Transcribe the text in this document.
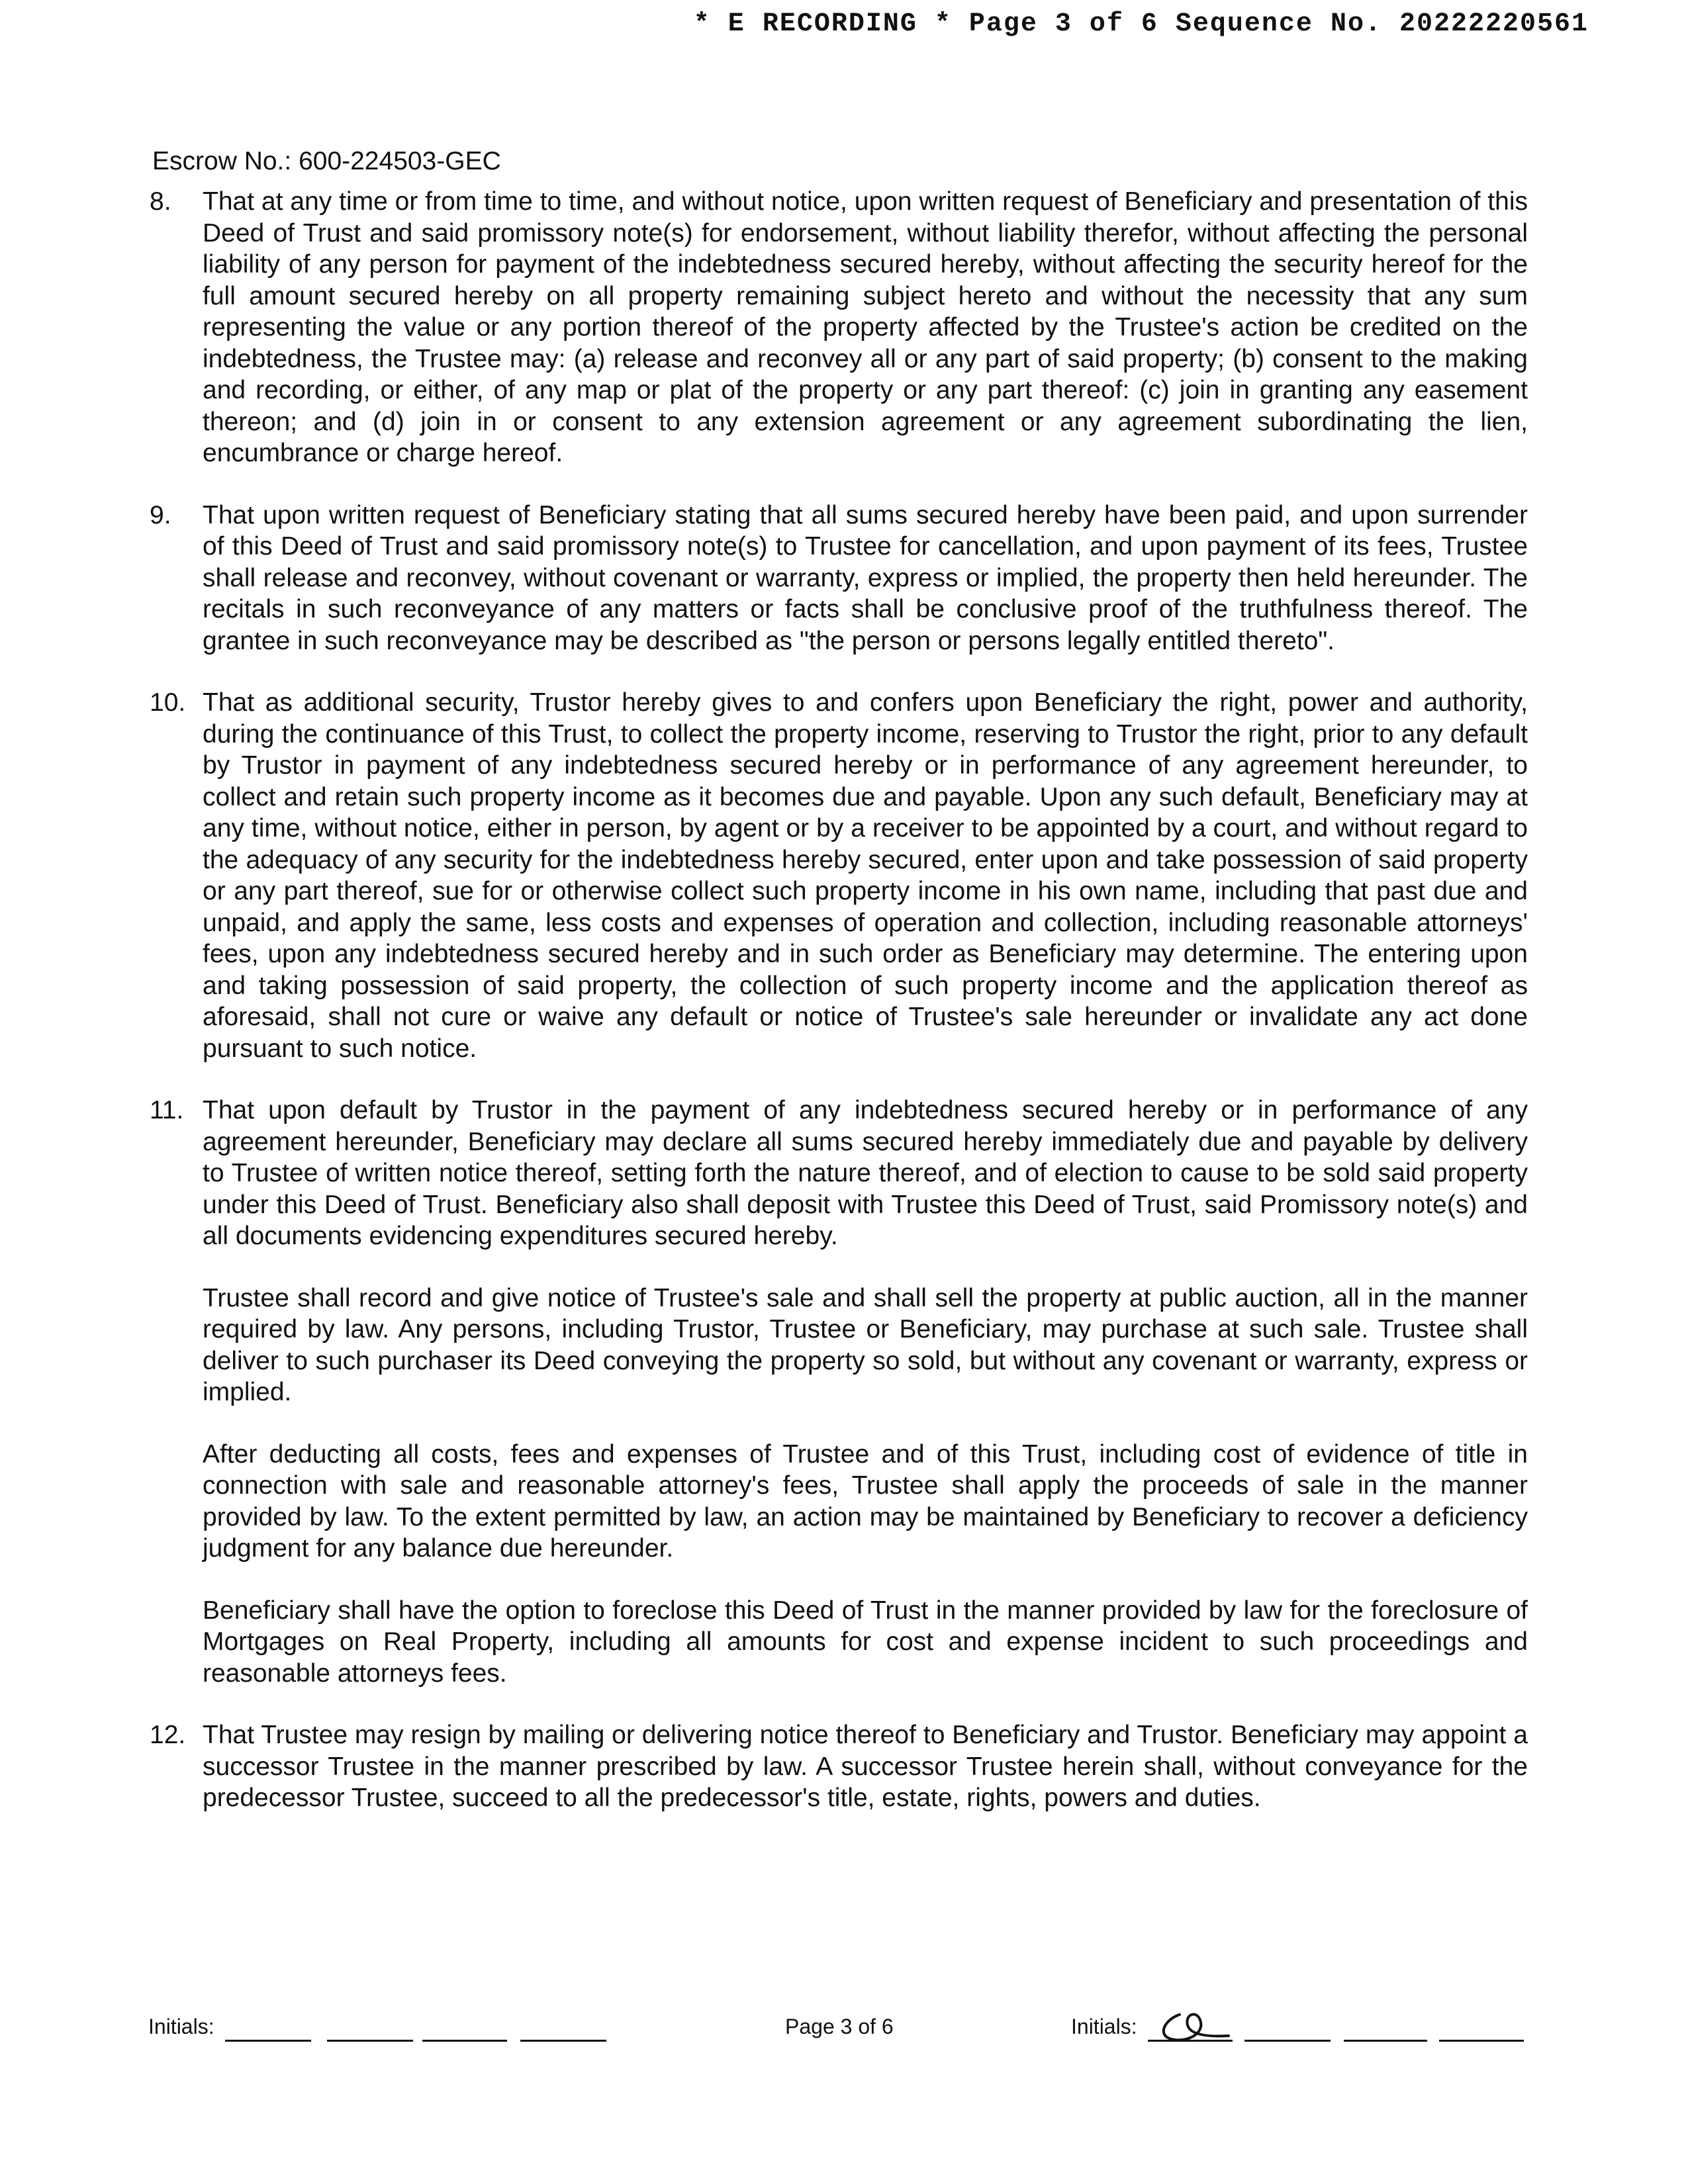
* E RECORDING * Page 3 of 6 Sequence No. 20222220561
Escrow No.: 600-224503-GEC
8.	That at any time or from time to time, and without notice, upon written request of Beneficiary and presentation of this Deed of Trust and said promissory note(s) for endorsement, without liability therefor, without affecting the personal liability of any person for payment of the indebtedness secured hereby, without affecting the security hereof for the full amount secured hereby on all property remaining subject hereto and without the necessity that any sum representing the value or any portion thereof of the property affected by the Trustee's action be credited on the indebtedness, the Trustee may: (a) release and reconvey all or any part of said property; (b) consent to the making and recording, or either, of any map or plat of the property or any part thereof: (c) join in granting any easement thereon; and (d) join in or consent to any extension agreement or any agreement subordinating the lien, encumbrance or charge hereof.
9.	That upon written request of Beneficiary stating that all sums secured hereby have been paid, and upon surrender of this Deed of Trust and said promissory note(s) to Trustee for cancellation, and upon payment of its fees, Trustee shall release and reconvey, without covenant or warranty, express or implied, the property then held hereunder. The recitals in such reconveyance of any matters or facts shall be conclusive proof of the truthfulness thereof. The grantee in such reconveyance may be described as "the person or persons legally entitled thereto".
10. That as additional security, Trustor hereby gives to and confers upon Beneficiary the right, power and authority, during the continuance of this Trust, to collect the property income, reserving to Trustor the right, prior to any default by Trustor in payment of any indebtedness secured hereby or in performance of any agreement hereunder, to collect and retain such property income as it becomes due and payable. Upon any such default, Beneficiary may at any time, without notice, either in person, by agent or by a receiver to be appointed by a court, and without regard to the adequacy of any security for the indebtedness hereby secured, enter upon and take possession of said property or any part thereof, sue for or otherwise collect such property income in his own name, including that past due and unpaid, and apply the same, less costs and expenses of operation and collection, including reasonable attorneys' fees, upon any indebtedness secured hereby and in such order as Beneficiary may determine. The entering upon and taking possession of said property, the collection of such property income and the application thereof as aforesaid, shall not cure or waive any default or notice of Trustee's sale hereunder or invalidate any act done pursuant to such notice.
11. That upon default by Trustor in the payment of any indebtedness secured hereby or in performance of any agreement hereunder, Beneficiary may declare all sums secured hereby immediately due and payable by delivery to Trustee of written notice thereof, setting forth the nature thereof, and of election to cause to be sold said property under this Deed of Trust. Beneficiary also shall deposit with Trustee this Deed of Trust, said Promissory note(s) and all documents evidencing expenditures secured hereby.
Trustee shall record and give notice of Trustee's sale and shall sell the property at public auction, all in the manner required by law. Any persons, including Trustor, Trustee or Beneficiary, may purchase at such sale. Trustee shall deliver to such purchaser its Deed conveying the property so sold, but without any covenant or warranty, express or implied.
After deducting all costs, fees and expenses of Trustee and of this Trust, including cost of evidence of title in connection with sale and reasonable attorney's fees, Trustee shall apply the proceeds of sale in the manner provided by law. To the extent permitted by law, an action may be maintained by Beneficiary to recover a deficiency judgment for any balance due hereunder.
Beneficiary shall have the option to foreclose this Deed of Trust in the manner provided by law for the foreclosure of Mortgages on Real Property, including all amounts for cost and expense incident to such proceedings and reasonable attorneys fees.
12. That Trustee may resign by mailing or delivering notice thereof to Beneficiary and Trustor. Beneficiary may appoint a successor Trustee in the manner prescribed by law. A successor Trustee herein shall, without conveyance for the predecessor Trustee, succeed to all the predecessor's title, estate, rights, powers and duties.
Initials:	Page 3 of 6	Initials:
